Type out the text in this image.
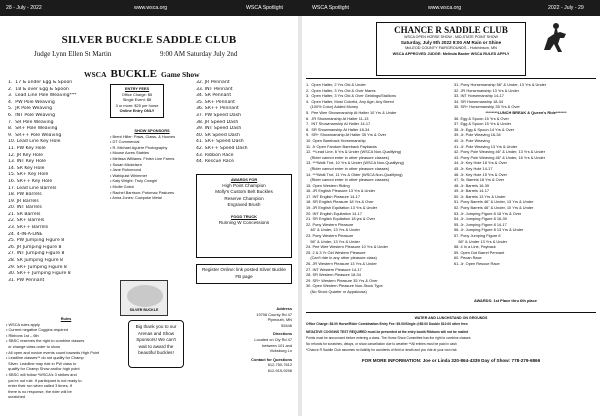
28 - July - 2022	www.wsca.org	WSCA Spotlight	WSCA Spotlight	www.wsca.org	2022 - July - 29
SILVER BUCKLE SADDLE CLUB
Judge Lynn Ellen St Martin	9:00 AM Saturday July 2nd
WSCA BUCKLE Game Show
1.  17 & under Egg & Spoon
2.  18 & over Egg & Spoon
3.  Lead Line Pole Weaving***
4.  PW Pole Weaving
5.  JR Pole Weaving
6.  INT Pole Weaving
7.  SR Pole Weaving
8.  SR+ Pole Weaving
9.  SR++ Pole Weaving
10. Lead Line Key Hole
11. PW Key Hole
12. JR Key Hole
13. INT Key Hole
14. SR Key Hole
15. SR+ Key Hole
16. SR++ Key Hole
17. Lead Line Barrels
18. PW Barrels
19. JR Barrels
20. INT Barrels
21. SR Barrels
22. SR+ Barrels
23. SR++ Barrels
24. 4-IN-A-LINE
25. PW Jumping Figure 8
26. JR Jumping Figure 8
27. INT Jumping Figure 8
28. SR Jumping Figure 8
29. SR+ Jumping Figure 8
30. SR++ Jumping Figure 8
31. PW Pennant
32. JR Pennant
33. INT Pennant
34. SR Pennant
35. SR+ Pennant
36. SR++ Pennant
37. PW Speed Dash
38. JR Speed Dash
39. INT Speed Dash
40. SR Speed Dash
41. SR+ Speed Dash
42. SR++ Speed Dash
43. Ribbon Race
44. Rescue Race
ENTRY FEES
Office Charge: $5
Single Event: $8
3 or more: $25 per horse
Online Entry ONLY
SHOW SPONSORS
• Brent Hiller: Paws, Claws, & Hooves
• DT Commercial
• R. Michael Aguirre Photography
• Moose Acres Stables
• Melissa Williams: Finish Line Farms
• Susan Mickelsen
• Jane Rohnmond
• Wahlquist Whimmer
• Katy Wright: Truly Cowgirl
• Mollie Gotch
• Rachel Barrison: Potomac Pastures
• Anna Jones: Cowpoke Metal
AWARDS FOR
High Point Champion
Molly's Custom Belt Buckles
Reserve Champion
Engraved Brush
FOOD TRUCK
Running W Concessions
Register Online: link posted Silver Buckle FB page
SILVER BUCKLE
Rules
• WSCA rules apply
• Current negative Coggins required
• Ribbons 1st – 6th
• SBSC reserves the right to combine classes
or change class order to show
• All open and novice events count towards High Point
• Leadline classes** do not qualify for Champ
Silver. Leadline may ride in PW class to
qualify for Champ Show and/or high point
• SBSC will follow *WSCA's 3 strikes and
you're out rule. If participant is not ready to
enter their run when called 3 times. If
there is no response, the rider will be
scratched
Big thank you to our Arenas and Show Sponsors! We can't wait to award the beautiful buckles!
Address
19706 County Rd 47
Plymouth, MN
55446
Directions
Located on Cty Rd 47
between 101 and
Vicksburg Ln
Contact for Questions
612-750-7612
612-919-9296
CHANCE R SADDLE CLUB
WSCA OPEN HORSE SHOW - MID-STATE POINT SHOW
Saturday, July 9th 2022 8:00 AM Rain or Shine
McLEOD COUNTY FAIRGROUNDS - Hutchinson, MN
WSCA APPROVED JUDGE: Melinda Baxter WSCA RULES APPLY
1.  Open Halter, 2 Yrs Old & Under
2.  Open Halter, 3 Yrs Old & Over Mares
3.  Open Halter, 3 Yrs Old & Over Geldings/Stallions
4.  Open Halter, Most Colorful, Any Age; Any Breed
(100% Color) Added Money
5.  Pee Wee Showmanship At Halter 10 Yrs & Under
6.  JR Showmanship At Halter 11-13
7.  INT Showmanship At Halter 14-17
8.  SR Showmanship At Halter 18-34
9.  SR+ Showmanship At Halter 35 Yrs & Over
10. Open Bareback Horsemanship
11. Jr Open Fandom Bareback Paybacks
12. **Lead Line, 6 Yrs & Under (WSCA Non-Qualifying)
(Rider cannot enter in other pleasure classes)
13. ***Walk Trot, 10 Yrs & Under (WSCA Non-Qualifying)
(Rider cannot enter in other pleasure classes)
14. ***Walk Trot, 11 Yrs & Older (WSCA Non-Qualifying)
(Rider cannot enter in other pleasure classes)
15. Open Western Riding
16. JR English Pleasure 13 Yrs & Under
17. INT English Pleasure 14-17
18. SR English Pleasure 18 Yrs & Over
19. JR English Equitation 13 Yrs & Under
20. INT English Equitation 14-17
21. SR English Equitation 18 yrs & Over
22. Pony Western Pleasure
46" & Under, 13 Yrs & Under
23. Pony Western Pleasure
56" & Under, 13 Yrs & Under
24. Pee Wee Western Pleasure 10 Yrs & Under
25. 2 & 3 Yr Old Western Pleasure
(Can't ride in any other pleasure class)
26. JR Western Pleasure 13 Yrs & Under
27. INT Western Pleasure 14-17
28. SR Western Pleasure 18-34
29. SR+ Western Pleasure 35 Yrs & Over
30. Open Western Pleasure Non-Stock Type
(No Stock Quarter or Appaloosa)
31. Pony Horsemanship 56" & Under, 13 Yrs & Under
32. JR Horsemanship 13 Yrs & Under
33. INT Horsemanship 14-17
34. SR Horsemanship 18-34
35. SR+ Horsemanship 35 Yrs & Over
********LUNCH BREAK & Queen's Ride*******
36. Egg & Spoon 15 Yrs & Over
37. Egg & Spoon 15 Yrs & Under
38. Jr. Egg & Spoon 14 Yrs & Over
39. Jr. Pole Weaving 16-34
40. Jr. Pole Weaving
41. Jr. Pole Weaving 13 Yrs & Under
42. Pony Pole Weaving 46" & Under, 13 Yrs & Under
43. Pony Pole Weaving 46" & Under, 16 Yrs & Under
44. Jr. Key Hole 18 Yrs & Over
45. Jr. Key Hole 14-17
46. Jr. Key Hole 15 Yrs & Over
47. Sr. Barrels 18 Yrs & Over
48. Jr. Barrels 16-39
49. Jr. Barrels 14-17
50. Jr. Barrels 13 Yrs & Under
51. Pony Barrels 46" & Under, 13 Yrs & Under
52. Pony Barrels 46" & Under, 10 Yrs & Under
53. Jr. Jumping Figure 8 18 Yrs & Over
54. Jr. Jumping Figure 8 16-39
55. Jr. Jumping Figure 8 14-17
56. Jr. Jumping Figure 8 13 Yrs & Under
57. Pony Jumping Figure 8
56" & Under 13 Yrs & Under
58. 4 In a Line, Payback
59. Open Dot Barrel Pennant
60. Pecan Race
61. Jr. Open Rescue Race
AWARDS: 1st Place thru 6th place
WATER AND LUNCHSTAND ON GROUNDS
Office Charge: $6.00 Horse/Rider Combination Entry Fee: $9.00/Single @$5.00 Double $10.00 other fees
NEGATIVE COGGINS TEST REQUIRED must be presented at the entry booth Ribbons will not be mailed
Points must be announced before entering a class. The Horse Show Committee has the right to combine classes
No refunds for scratches, delays, or show cancellation due to weather **All entries must be paid in cash
*Chance R Saddle Club assumes no liability for accidents of field or death and you ride at your own risk
FOR MORE INFORMATION: Joe or Linda 320-864-4339 Day of Show: 778-279-6866
